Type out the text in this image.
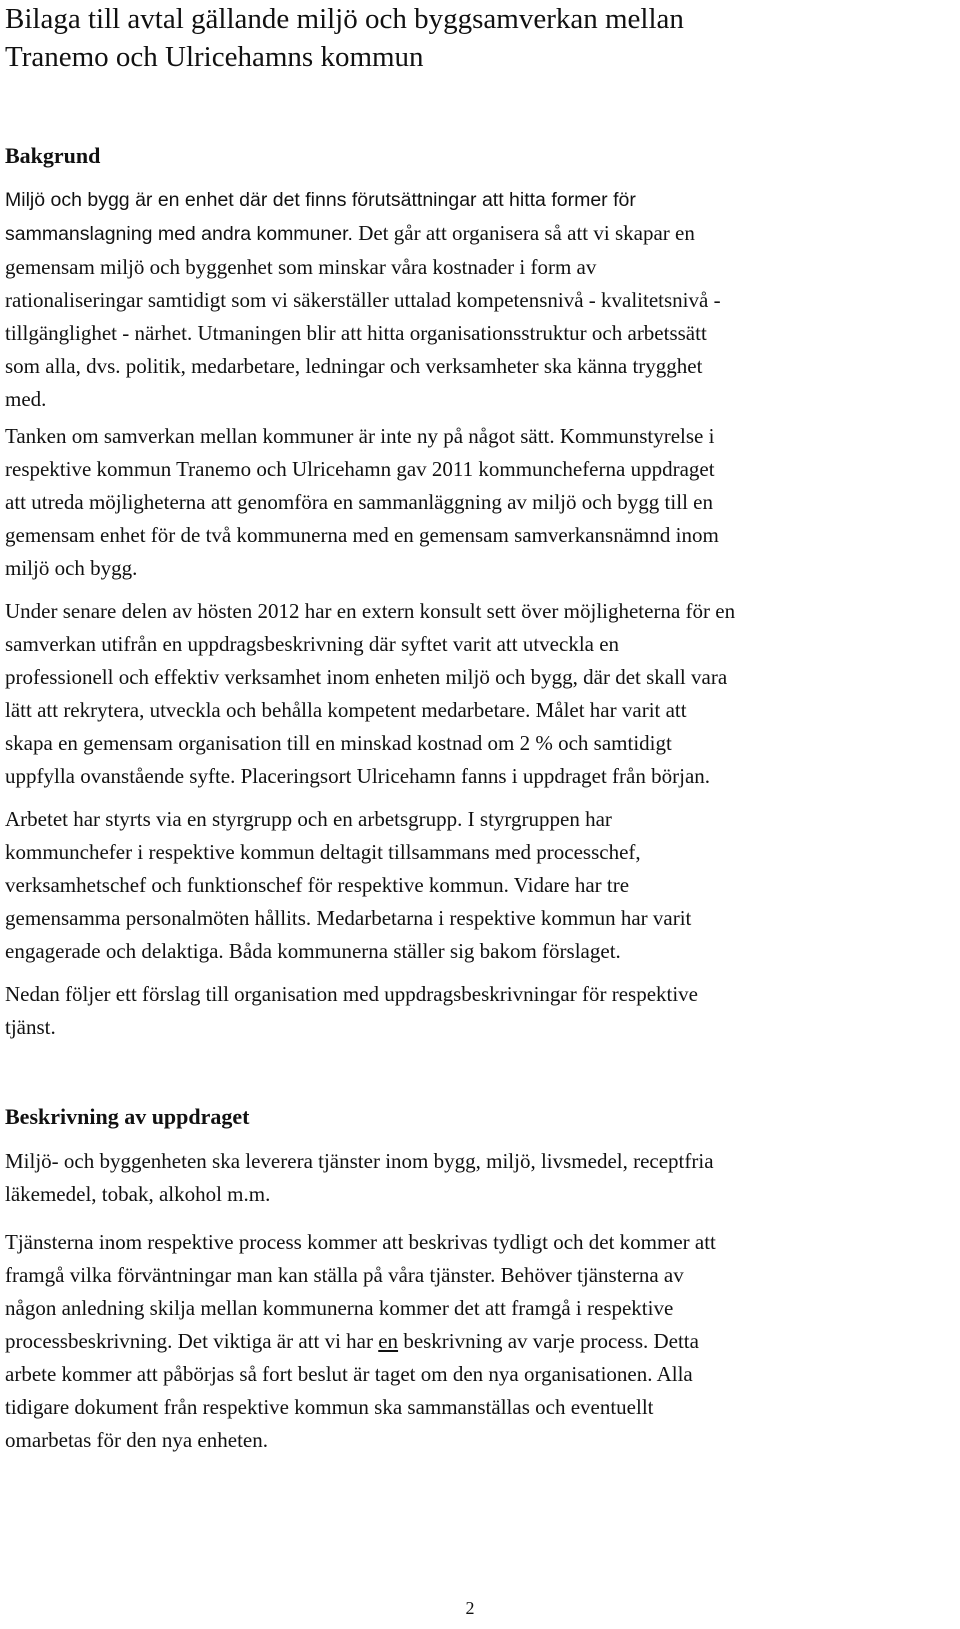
Bilaga till avtal gällande miljö och byggsamverkan mellan
Tranemo och Ulricehamns kommun
Bakgrund

Miljö och bygg är en enhet där det finns förutsättningar att hitta former för
sammanslagning med andra kommuner. Det går att organisera så att vi skapar en
gemensam miljö och byggenhet som minskar våra kostnader i form av
rationaliseringar samtidigt som vi säkerställer uttalad kompetensnivå - kvalitetsnivå -
tillgänglighet - närhet. Utmaningen blir att hitta organisationsstruktur och arbetssätt
som alla, dvs. politik, medarbetare, ledningar och verksamheter ska känna trygghet
med.

Tanken om samverkan mellan kommuner är inte ny på något sätt. Kommunstyrelse i
respektive kommun Tranemo och Ulricehamn gav 2011 kommuncheferna uppdraget
att utreda möjligheterna att genomföra en sammanläggning av miljö och bygg till en
gemensam enhet för de två kommunerna med en gemensam samverkansnämnd inom
miljö och bygg.

Under senare delen av hösten 2012 har en extern konsult sett över möjligheterna för en
samverkan utifrån en uppdragsbeskrivning där syftet varit att utveckla en
professionell och effektiv verksamhet inom enheten miljö och bygg, där det skall vara
lätt att rekrytera, utveckla och behålla kompetent medarbetare. Målet har varit att
skapa en gemensam organisation till en minskad kostnad om 2 % och samtidigt
uppfylla ovanstående syfte. Placeringsort Ulricehamn fanns i uppdraget från början.

Arbetet har styrts via en styrgrupp och en arbetsgrupp. I styrgruppen har
kommunchefer i respektive kommun deltagit tillsammans med processchef,
verksamhetschef och funktionschef för respektive kommun. Vidare har tre
gemensamma personalmöten hållits. Medarbetarna i respektive kommun har varit
engagerade och delaktiga. Båda kommunerna ställer sig bakom förslaget.

Nedan följer ett förslag till organisation med uppdragsbeskrivningar för respektive
tjänst.

Beskrivning av uppdraget

Miljö- och byggenheten ska leverera tjänster inom bygg, miljö, livsmedel, receptfria
läkemedel, tobak, alkohol m.m.

Tjänsterna inom respektive process kommer att beskrivas tydligt och det kommer att
framgå vilka förväntningar man kan ställa på våra tjänster. Behöver tjänsterna av
någon anledning skilja mellan kommunerna kommer det att framgå i respektive
processbeskrivning. Det viktiga är att vi har en beskrivning av varje process. Detta
arbete kommer att påbörjas så fort beslut är taget om den nya organisationen. Alla
tidigare dokument från respektive kommun ska sammanställas och eventuellt
omarbetas för den nya enheten.

2
